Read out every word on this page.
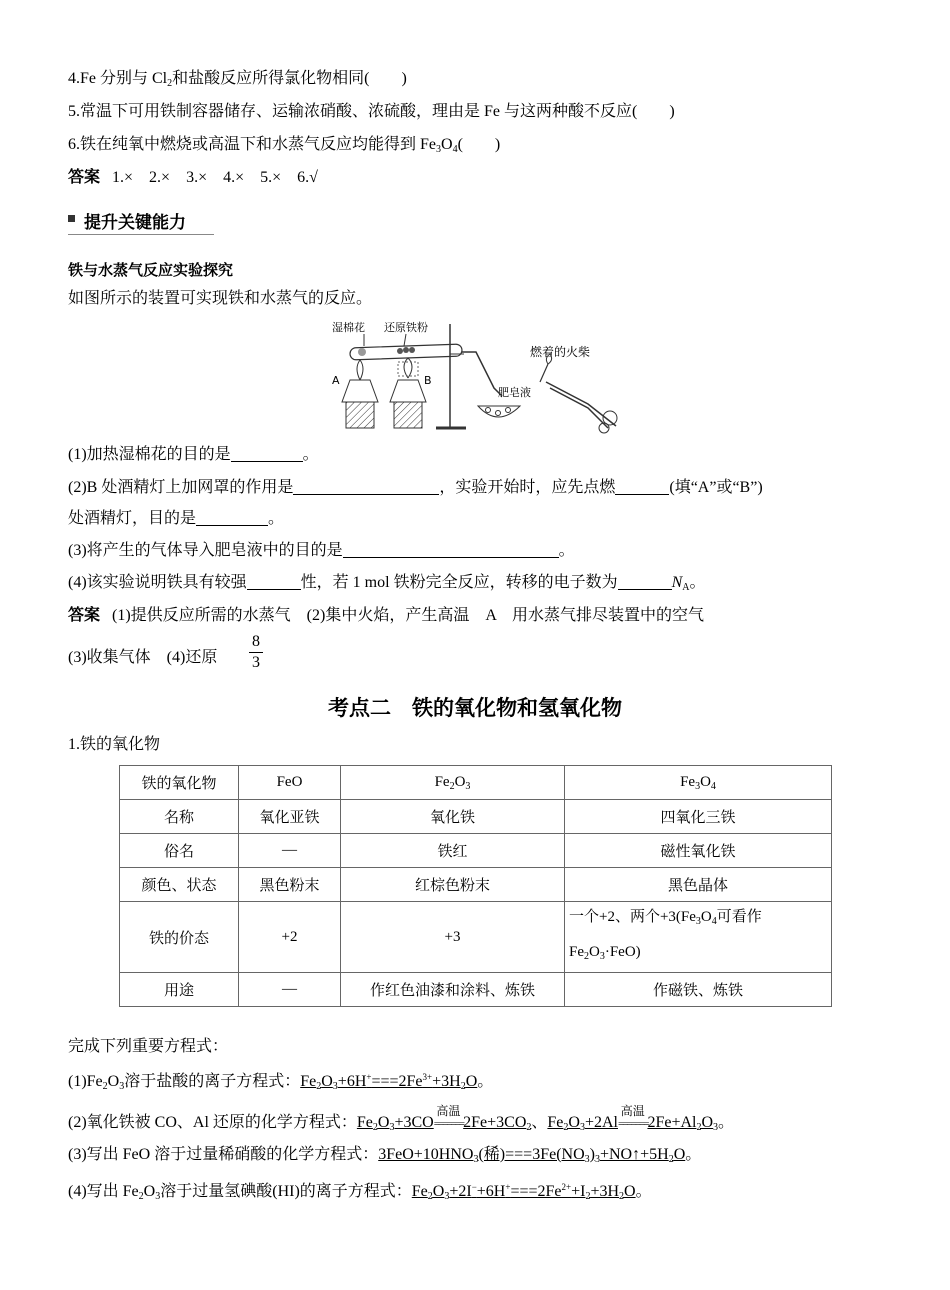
4.Fe 分别与 $Cl_2$和盐酸反应所得氯化物相同(　　)
5.常温下可用铁制容器储存、运输浓硝酸、浓硫酸，理由是 Fe 与这两种酸不反应(　　)
6.铁在纯氧中燃烧或高温下和水蒸气反应均能得到 $Fe_3O_4$(　　)
答案 1.×　2.×　3.×　4.×　5.×　6.√
提升关键能力
铁与水蒸气反应实验探究
如图所示的装置可实现铁和水蒸气的反应。
湿棉花 还原铁粉
燃着的火柴
肥皂液
A	B
(1)加热湿棉花的目的是	。
(2)B 处酒精灯上加网罩的作用是	，实验开始时，应先点燃	(填“A”或“B”)
处酒精灯，目的是	。
(3)将产生的气体导入肥皂液中的目的是	。
(4)该实验说明铁具有较强	性，若 1 mol 铁粉完全反应，转移的电子数为	$N_A$。
答案 (1)提供反应所需的水蒸气　(2)集中火焰，产生高温　A　用水蒸气排尽装置中的空气
(3)收集气体　(4)还原 $\frac{8}{3}$
考点二　铁的氧化物和氢氧化物
1.铁的氧化物
铁的氧化物	FeO	$Fe_2O_3$	$Fe_3O_4$
名称	氧化亚铁	氧化铁	四氧化三铁
俗名	—	铁红	磁性氧化铁
颜色、状态	黑色粉末	红棕色粉末	黑色晶体
铁的价态	+2	+3	一个+2、两个$+3(Fe_3O_4$可看作
$Fe_2O_3\cdot FeO$)
用途	—	作红色油漆和涂料、炼铁	作磁铁、炼铁
完成下列重要方程式：
$(1)Fe_2O_3$溶于盐酸的离子方程式：$Fe_2O_3+6H^+===2Fe^{3+}+3H_2O$。
(2)氧化铁被 CO、Al 还原的化学方程式：$Fe_2O_3+3CO$
高温
======= $2Fe+3CO_2$、$Fe_2O_3+2Al$
高温
======= $2Fe+Al_2O_3$。
(3)写出 FeO 溶于过量稀硝酸的化学方程式：$3FeO+10HNO_3$(稀)$===3Fe(NO_3)_3+NO↑+5H_2O$。
(4)写出 $Fe_2O_3$溶于过量氢碘酸(HI)的离子方程式：$Fe_2O_3+2I^-+6H^+===2Fe^{2+}+I_2+3H_2O$。
